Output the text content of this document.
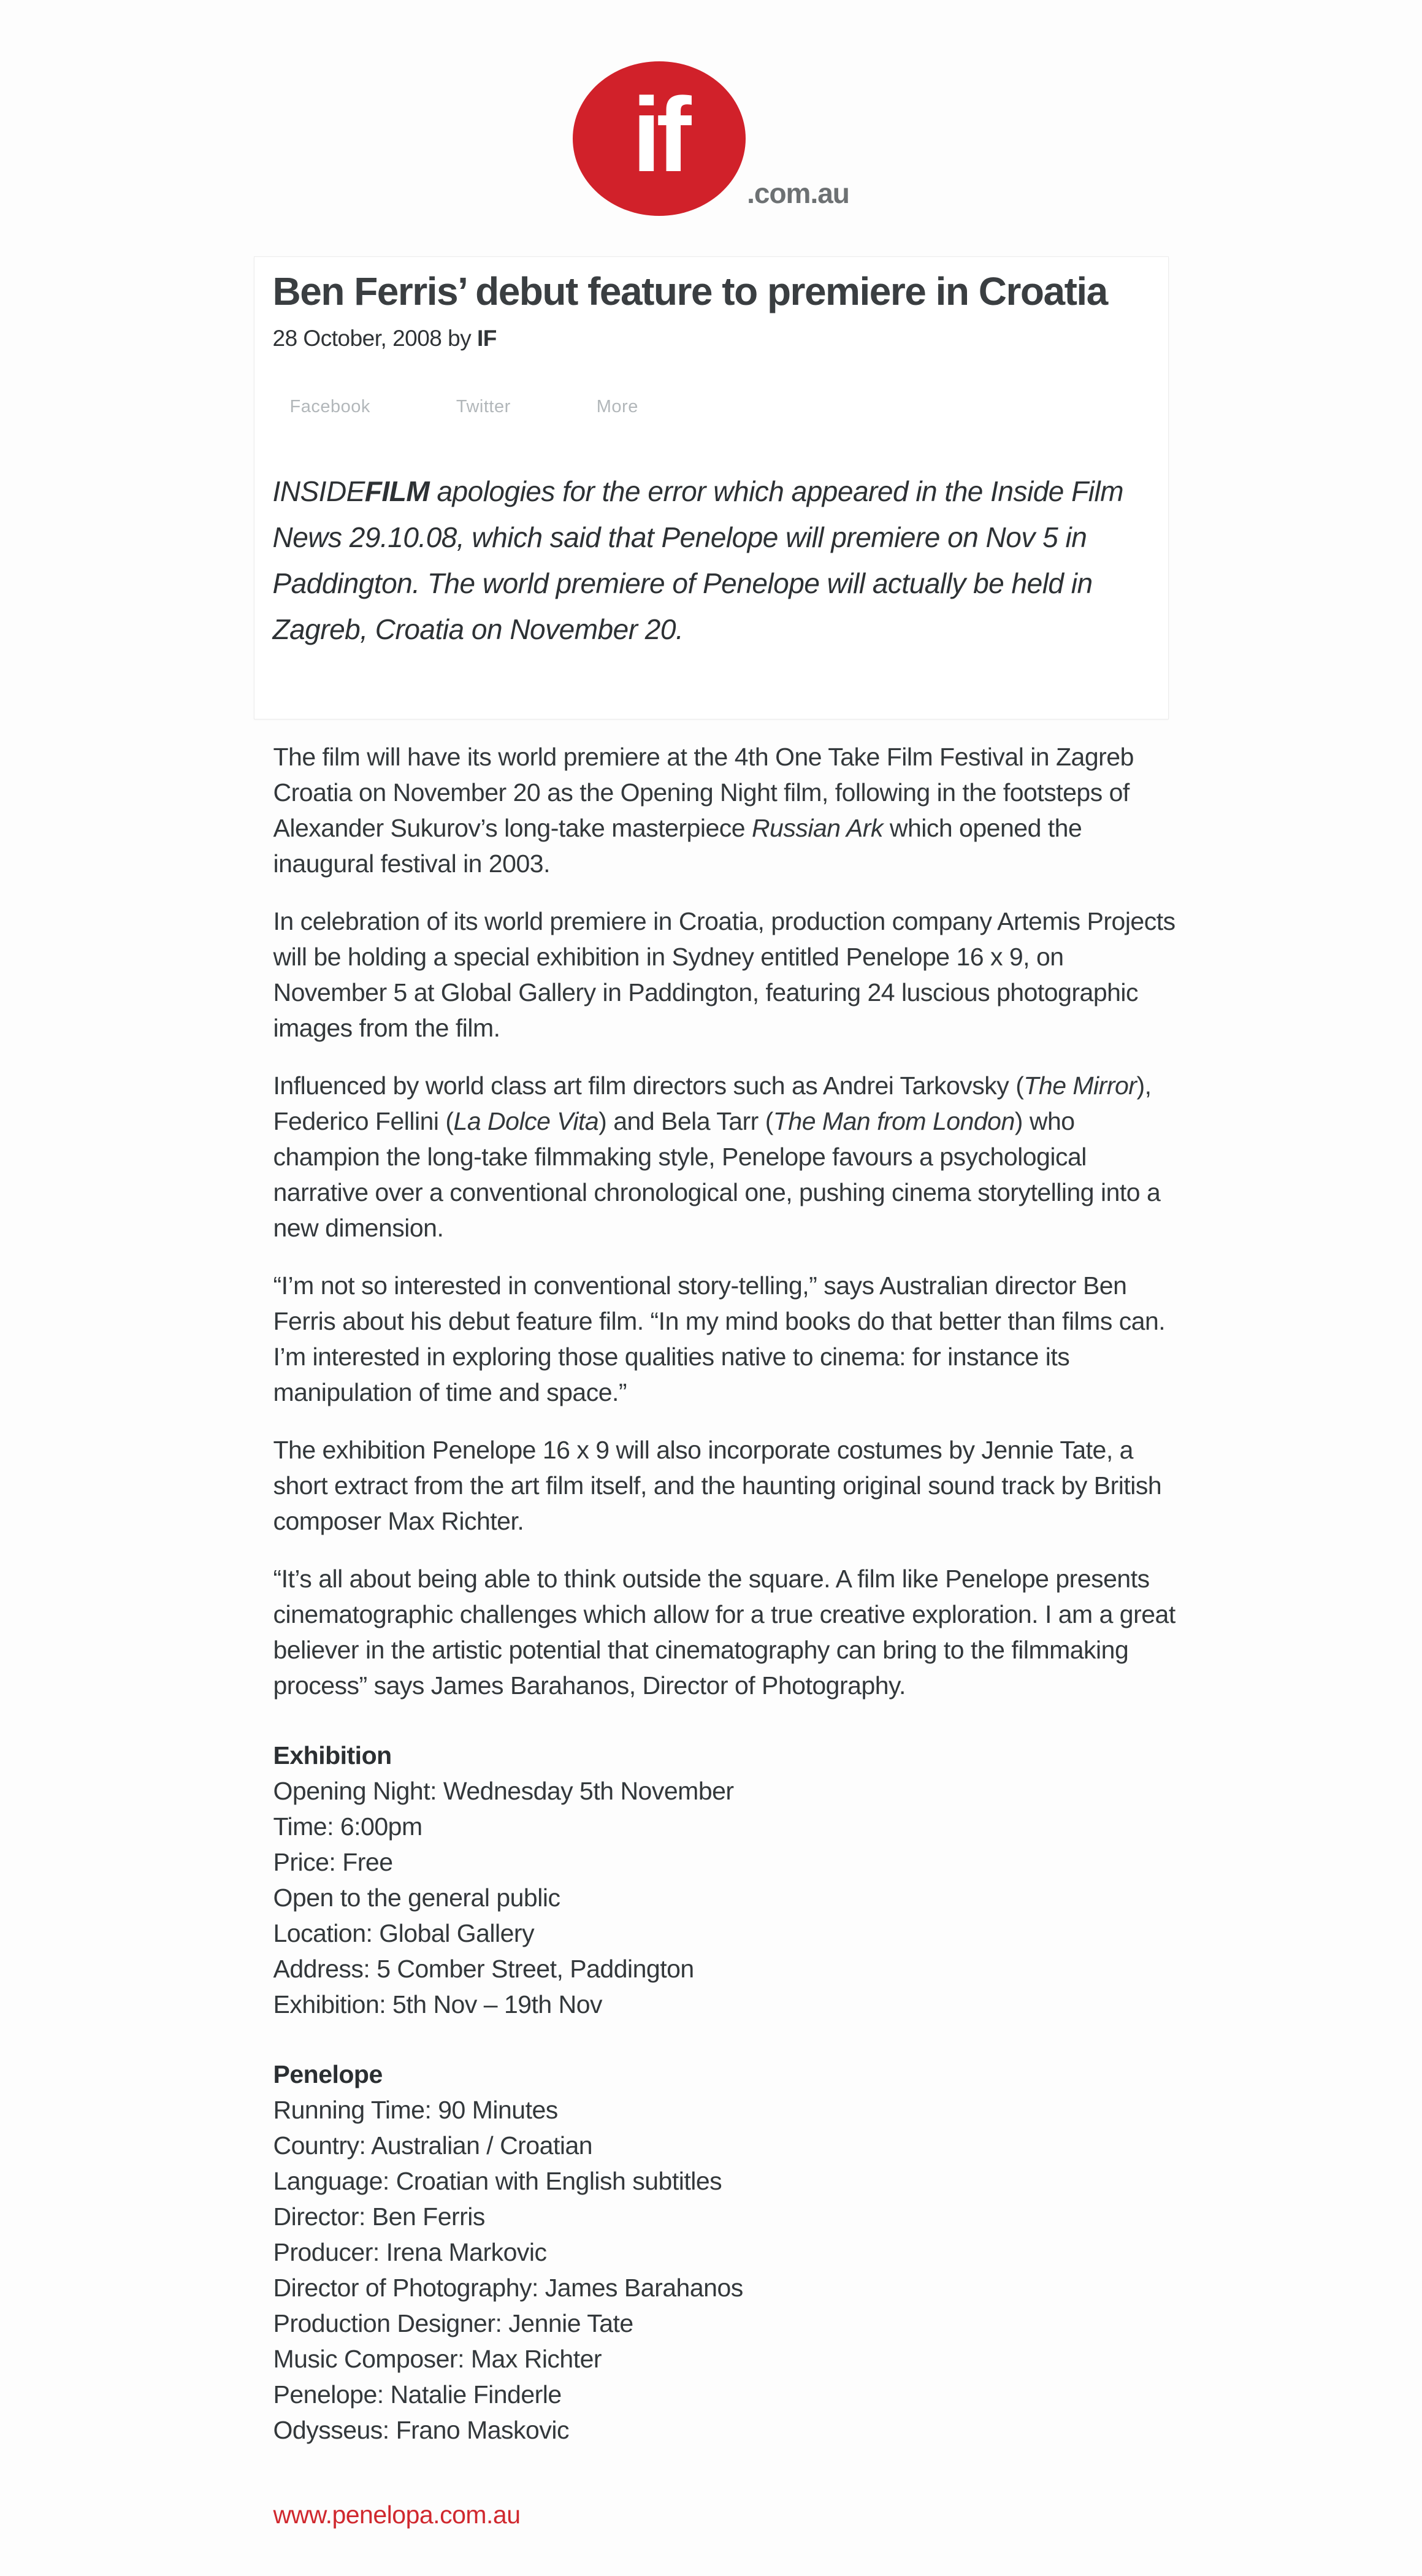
if .com.au
Ben Ferris’ debut feature to premiere in Croatia
28 October, 2008 by IF
Facebook	Twitter	More

INSIDEFILM apologies for the error which appeared in the Inside Film News 29.10.08, which said that Penelope will premiere on Nov 5 in Paddington. The world premiere of Penelope will actually be held in Zagreb, Croatia on November 20.

The film will have its world premiere at the 4th One Take Film Festival in Zagreb Croatia on November 20 as the Opening Night film, following in the footsteps of Alexander Sukurov’s long-take masterpiece Russian Ark which opened the inaugural festival in 2003.

In celebration of its world premiere in Croatia, production company Artemis Projects will be holding a special exhibition in Sydney entitled Penelope 16 x 9, on November 5 at Global Gallery in Paddington, featuring 24 luscious photographic images from the film.

Influenced by world class art film directors such as Andrei Tarkovsky (The Mirror), Federico Fellini (La Dolce Vita) and Bela Tarr (The Man from London) who champion the long-take filmmaking style, Penelope favours a psychological narrative over a conventional chronological one, pushing cinema storytelling into a new dimension.

“I’m not so interested in conventional story-telling,” says Australian director Ben Ferris about his debut feature film. “In my mind books do that better than films can. I’m interested in exploring those qualities native to cinema: for instance its manipulation of time and space.”

The exhibition Penelope 16 x 9 will also incorporate costumes by Jennie Tate, a short extract from the art film itself, and the haunting original sound track by British composer Max Richter.

“It’s all about being able to think outside the square. A film like Penelope presents cinematographic challenges which allow for a true creative exploration. I am a great believer in the artistic potential that cinematography can bring to the filmmaking process” says James Barahanos, Director of Photography.

Exhibition
Opening Night: Wednesday 5th November
Time: 6:00pm
Price: Free
Open to the general public
Location: Global Gallery
Address: 5 Comber Street, Paddington
Exhibition: 5th Nov – 19th Nov
Penelope
Running Time: 90 Minutes
Country: Australian / Croatian
Language: Croatian with English subtitles
Director: Ben Ferris
Producer: Irena Markovic
Director of Photography: James Barahanos
Production Designer: Jennie Tate
Music Composer: Max Richter
Penelope: Natalie Finderle
Odysseus: Frano Maskovic
www.penelopa.com.au
